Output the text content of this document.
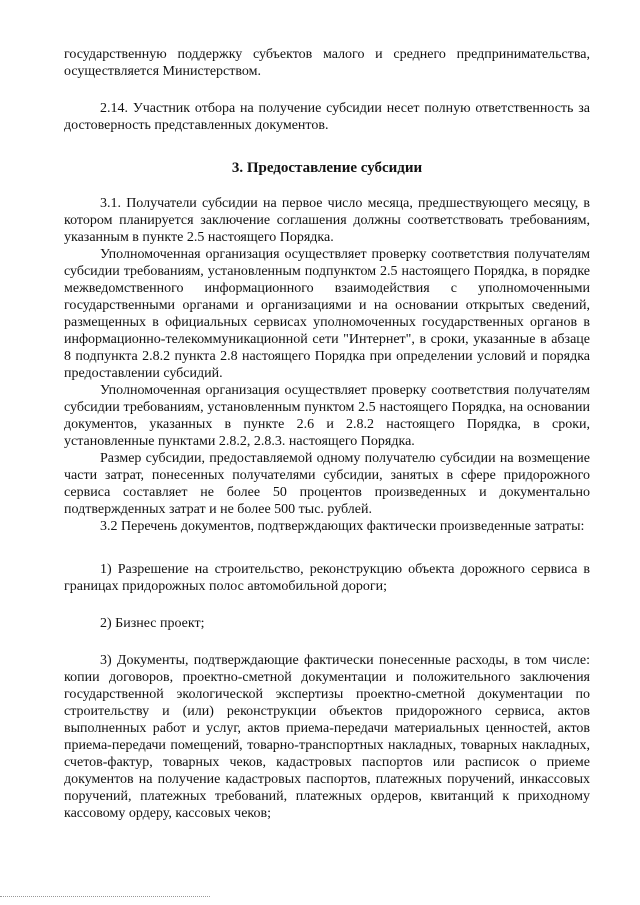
государственную поддержку субъектов малого и среднего предпринимательства, осуществляется Министерством.

2.14. Участник отбора на получение субсидии несет полную ответственность за достоверность представленных документов.

3. Предоставление субсидии

3.1. Получатели субсидии на первое число месяца, предшествующего месяцу, в котором планируется заключение соглашения должны соответствовать требованиям, указанным в пункте 2.5 настоящего Порядка.

Уполномоченная организация осуществляет проверку соответствия получателям субсидии требованиям, установленным подпунктом 2.5 настоящего Порядка, в порядке межведомственного информационного взаимодействия с уполномоченными государственными органами и организациями и на основании открытых сведений, размещенных в официальных сервисах уполномоченных государственных органов в информационно-телекоммуникационной сети "Интернет", в сроки, указанные в абзаце 8 подпункта 2.8.2 пункта 2.8 настоящего Порядка при определении условий и порядка предоставлении субсидий.

Уполномоченная организация осуществляет проверку соответствия получателям субсидии требованиям, установленным пунктом 2.5 настоящего Порядка, на основании документов, указанных в пункте 2.6 и 2.8.2 настоящего Порядка, в сроки, установленные пунктами 2.8.2, 2.8.3. настоящего Порядка.

Размер субсидии, предоставляемой одному получателю субсидии на возмещение части затрат, понесенных получателями субсидии, занятых в сфере придорожного сервиса составляет не более 50 процентов произведенных и документально подтвержденных затрат и не более 500 тыс. рублей.

3.2 Перечень документов, подтверждающих фактически произведенные затраты:

1) Разрешение на строительство, реконструкцию объекта дорожного сервиса в границах придорожных полос автомобильной дороги;

2) Бизнес проект;

3) Документы, подтверждающие фактически понесенные расходы, в том числе: копии договоров, проектно-сметной документации и положительного заключения государственной экологической экспертизы проектно-сметной документации по строительству и (или) реконструкции объектов придорожного сервиса, актов выполненных работ и услуг, актов приема-передачи материальных ценностей, актов приема-передачи помещений, товарно-транспортных накладных, товарных накладных, счетов-фактур, товарных чеков, кадастровых паспортов или расписок о приеме документов на получение кадастровых паспортов, платежных поручений, инкассовых поручений, платежных требований, платежных ордеров, квитанций к приходному кассовому ордеру, кассовых чеков;
